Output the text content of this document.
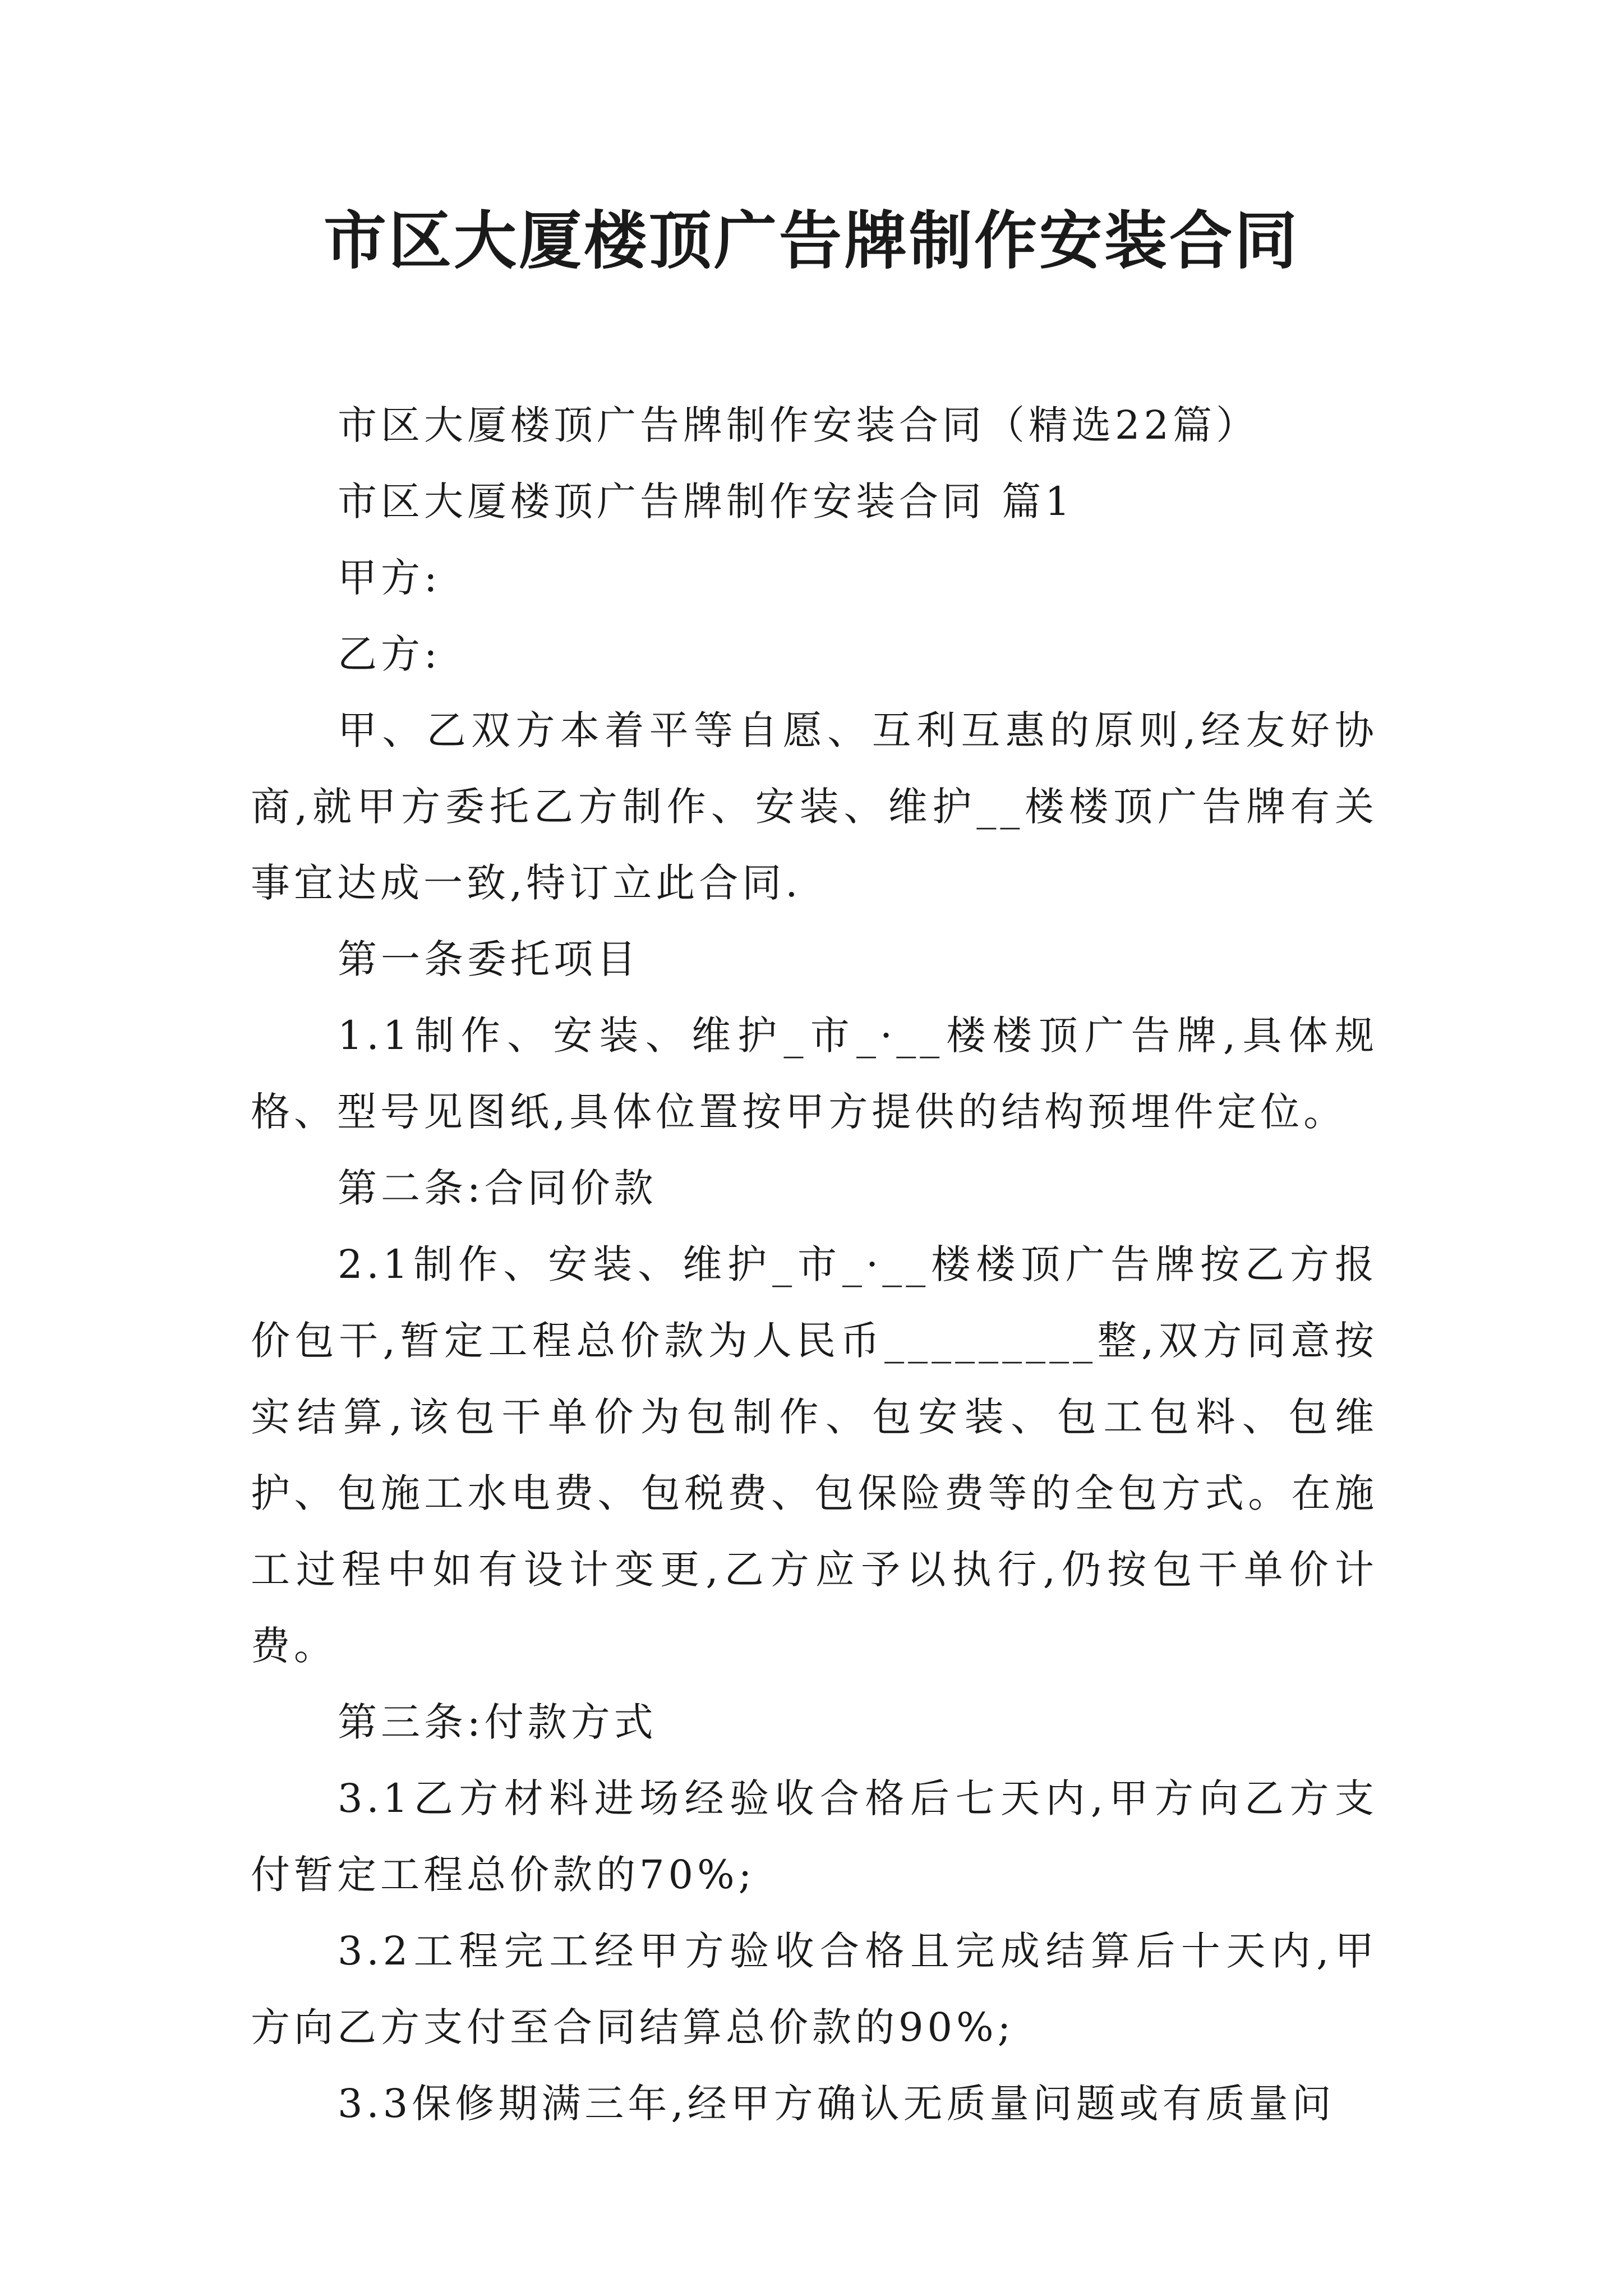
市区大厦楼顶广告牌制作安装合同

市区大厦楼顶广告牌制作安装合同（精选22篇）

市区大厦楼顶广告牌制作安装合同 篇1

甲方:

乙方:

甲、乙双方本着平等自愿、互利互惠的原则,经友好协商,就甲方委托乙方制作、安装、维护__楼楼顶广告牌有关事宜达成一致,特订立此合同.

第一条委托项目

1.1制作、安装、维护_市_·__楼楼顶广告牌,具体规格、型号见图纸,具体位置按甲方提供的结构预埋件定位。

第二条:合同价款

2.1制作、安装、维护_市_·__楼楼顶广告牌按乙方报价包干,暂定工程总价款为人民币_________整,双方同意按实结算,该包干单价为包制作、包安装、包工包料、包维护、包施工水电费、包税费、包保险费等的全包方式。在施工过程中如有设计变更,乙方应予以执行,仍按包干单价计费。

第三条:付款方式

3.1乙方材料进场经验收合格后七天内,甲方向乙方支付暂定工程总价款的70%;

3.2工程完工经甲方验收合格且完成结算后十天内,甲方向乙方支付至合同结算总价款的90%;

3.3保修期满三年,经甲方确认无质量问题或有质量问
